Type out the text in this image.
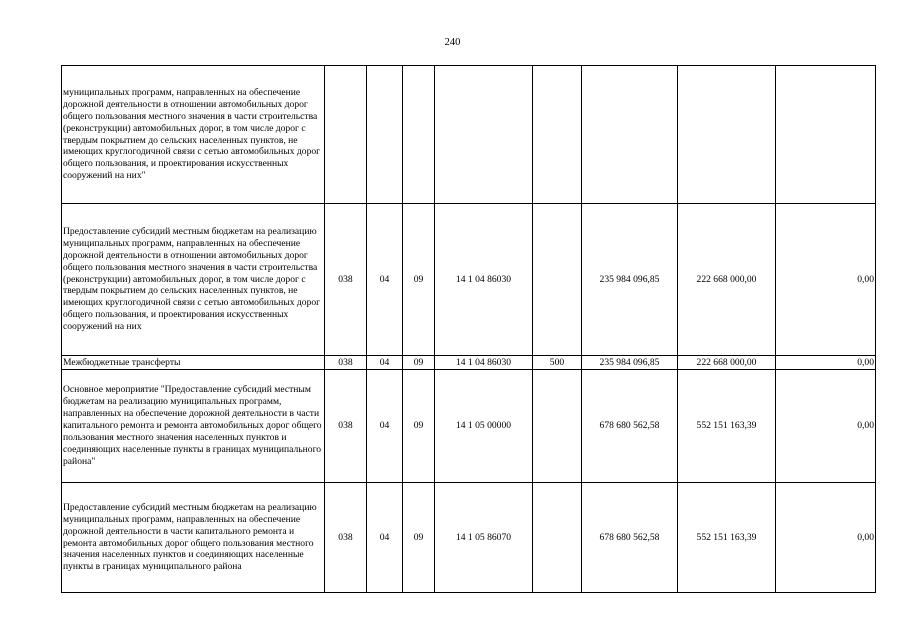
240
муниципальных программ, направленных на обеспечение дорожной деятельности в отношении автомобильных дорог общего пользования местного значения в части строительства (реконструкции) автомобильных дорог, в том числе дорог с твердым покрытием до сельских населенных пунктов, не имеющих круглогодичной связи с сетью автомобильных дорог общего пользования, и проектирования искусственных сооружений на них"								
Предоставление субсидий местным бюджетам на реализацию муниципальных программ, направленных на обеспечение дорожной деятельности в отношении автомобильных дорог общего пользования местного значения в части строительства (реконструкции) автомобильных дорог, в том числе дорог с твердым покрытием до сельских населенных пунктов, не имеющих круглогодичной связи с сетью автомобильных дорог общего пользования, и проектирования искусственных сооружений на них	038	04	09	14 1 04 86030		235 984 096,85	222 668 000,00	0,00
Межбюджетные трансферты	038	04	09	14 1 04 86030	500	235 984 096,85	222 668 000,00	0,00
Основное мероприятие "Предоставление субсидий местным бюджетам на реализацию муниципальных программ, направленных на обеспечение дорожной деятельности в части капитального ремонта и ремонта автомобильных дорог общего пользования местного значения населенных пунктов и соединяющих населенные пункты в границах муниципального района"	038	04	09	14 1 05 00000		678 680 562,58	552 151 163,39	0,00
Предоставление субсидий местным бюджетам на реализацию муниципальных программ, направленных на обеспечение дорожной деятельности в части капитального ремонта и ремонта автомобильных дорог общего пользования местного значения населенных пунктов и соединяющих населенные пункты в границах муниципального района	038	04	09	14 1 05 86070		678 680 562,58	552 151 163,39	0,00
